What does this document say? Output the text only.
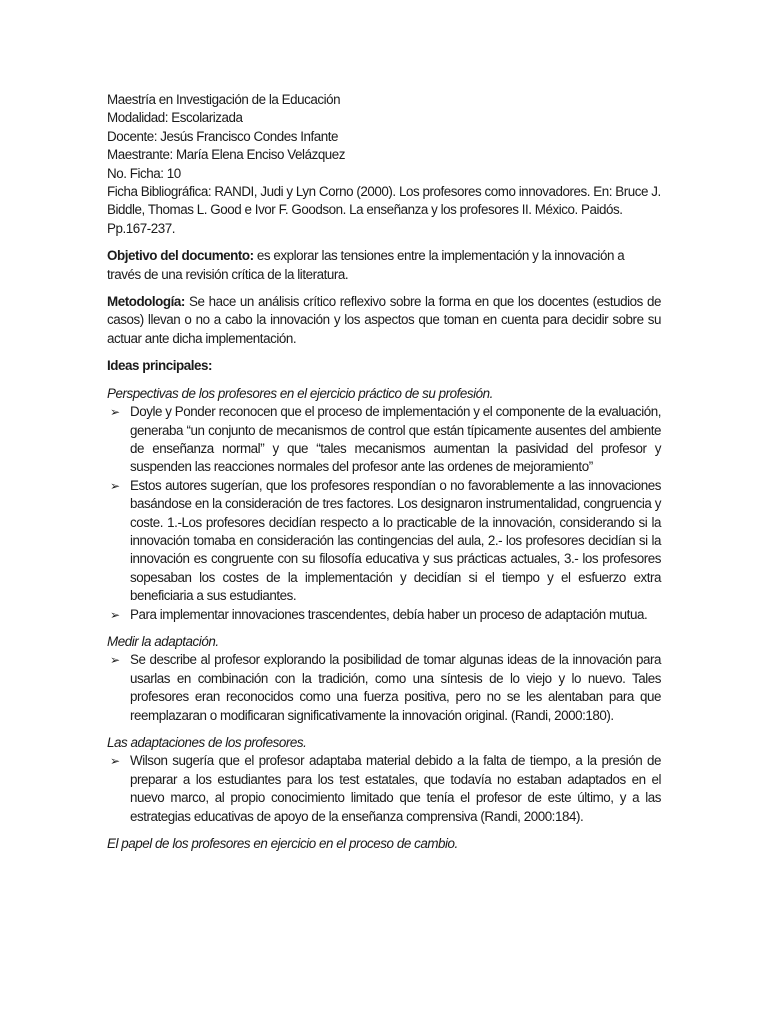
Maestría en Investigación de la Educación
Modalidad: Escolarizada
Docente: Jesús Francisco Condes Infante
Maestrante: María Elena Enciso Velázquez
No. Ficha: 10
Ficha Bibliográfica: RANDI, Judi y Lyn Corno (2000). Los profesores como innovadores. En: Bruce J. Biddle, Thomas L. Good e Ivor F. Goodson. La enseñanza y los profesores II. México. Paidós. Pp.167-237.

Objetivo del documento: es explorar las tensiones entre la implementación y la innovación a través de una revisión crítica de la literatura.

Metodología: Se hace un análisis crítico reflexivo sobre la forma en que los docentes (estudios de casos) llevan o no a cabo la innovación y los aspectos que toman en cuenta para decidir sobre su actuar ante dicha implementación.

Ideas principales:

Perspectivas de los profesores en el ejercicio práctico de su profesión.

➢ Doyle y Ponder reconocen que el proceso de implementación y el componente de la evaluación, generaba “un conjunto de mecanismos de control que están típicamente ausentes del ambiente de enseñanza normal” y que “tales mecanismos aumentan la pasividad del profesor y suspenden las reacciones normales del profesor ante las ordenes de mejoramiento”
➢ Estos autores sugerían, que los profesores respondían o no favorablemente a las innovaciones basándose en la consideración de tres factores. Los designaron instrumentalidad, congruencia y coste. 1.-Los profesores decidían respecto a lo practicable de la innovación, considerando si la innovación tomaba en consideración las contingencias del aula, 2.- los profesores decidían si la innovación es congruente con su filosofía educativa y sus prácticas actuales, 3.- los profesores sopesaban los costes de la implementación y decidían si el tiempo y el esfuerzo extra beneficiaria a sus estudiantes.
➢ Para implementar innovaciones trascendentes, debía haber un proceso de adaptación mutua.

Medir la adaptación.

➢ Se describe al profesor explorando la posibilidad de tomar algunas ideas de la innovación para usarlas en combinación con la tradición, como una síntesis de lo viejo y lo nuevo. Tales profesores eran reconocidos como una fuerza positiva, pero no se les alentaban para que reemplazaran o modificaran significativamente la innovación original. (Randi, 2000:180).

Las adaptaciones de los profesores.

➢ Wilson sugería que el profesor adaptaba material debido a la falta de tiempo, a la presión de preparar a los estudiantes para los test estatales, que todavía no estaban adaptados en el nuevo marco, al propio conocimiento limitado que tenía el profesor de este último, y a las estrategias educativas de apoyo de la enseñanza comprensiva (Randi, 2000:184).

El papel de los profesores en ejercicio en el proceso de cambio.
